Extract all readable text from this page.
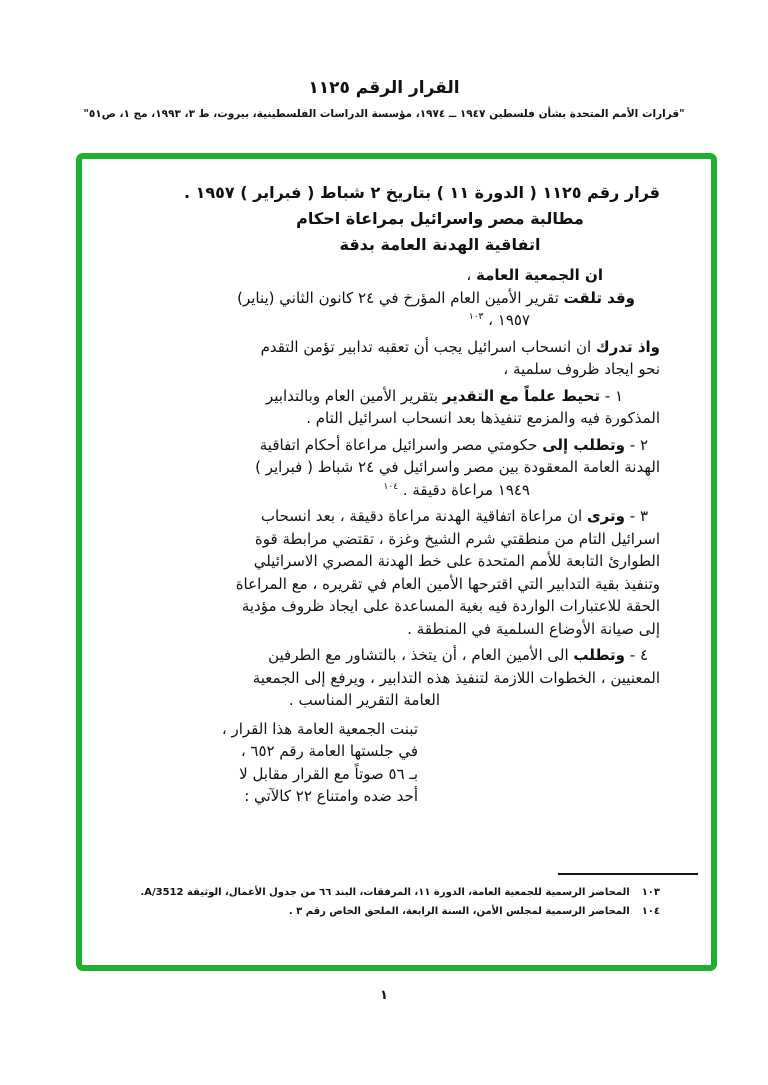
القرار الرقم ١١٢٥
"قرارات الأمم المتحدة بشأن فلسطين ١٩٤٧ ــ ١٩٧٤، مؤسسة الدراسات الفلسطينية، بيروت، ط ٣، ١٩٩٣، مج ١، ص٥١"
قرار رقم ١١٢٥ ( الدورة ١١ ) بتاريخ ٢ شباط ( فبراير ) ١٩٥٧ .
مطالبة مصر واسرائيل بمراعاة احكام
اتفاقية الهدنة العامة بدقة
ان الجمعية العامة ،
وقد تلقت تقرير الأمين العام المؤرخ في ٢٤ كانون الثاني (يناير)
١٩٥٧ ، $^{١٠٣}$
واذ تدرك ان انسحاب اسرائيل يجب أن تعقبه تدابير تؤمن التقدم
نحو ايجاد ظروف سلمية ،
١ - تحيط علماً مع التقدير بتقرير الأمين العام وبالتدابير
المذكورة فيه والمزمع تنفيذها بعد انسحاب اسرائيل التام .
٢ - وتطلب إلى حكومتي مصر واسرائيل مراعاة أحكام اتفاقية
الهدنة العامة المعقودة بين مصر واسرائيل في ٢٤ شباط ( فبراير )
١٩٤٩ مراعاة دقيقة . $^{١٠٤}$
٣ - وترى ان مراعاة اتفاقية الهدنة مراعاة دقيقة ، بعد انسحاب
اسرائيل التام من منطقتي شرم الشيخ وغزة ، تقتضي مرابطة قوة
الطوارئ التابعة للأمم المتحدة على خط الهدنة المصري الاسرائيلي
وتنفيذ بقية التدابير التي اقترحها الأمين العام في تقريره ، مع المراعاة
الحقة للاعتبارات الواردة فيه بغية المساعدة على ايجاد ظروف مؤدية
إلى صيانة الأوضاع السلمية في المنطقة .
٤ - وتطلب الى الأمين العام ، أن يتخذ ، بالتشاور مع الطرفين
المعنيين ، الخطوات اللازمة لتنفيذ هذه التدابير ، ويرفع إلى الجمعية
العامة التقرير المناسب .
تبنت الجمعية العامة هذا القرار ،
في جلستها العامة رقم ٦٥٢ ،
بـ ٥٦ صوتاً مع القرار مقابل لا
أحد ضده وامتناع ٢٢ كالآتي :
١٠٣المحاضر الرسمية للجمعية العامة، الدورة ١١، المرفقات، البند ٦٦ من جدول الأعمال، الوثيقة A/3512.
١٠٤المحاضر الرسمية لمجلس الأمن، السنة الرابعة، الملحق الخاص رقم ٣ .
١
